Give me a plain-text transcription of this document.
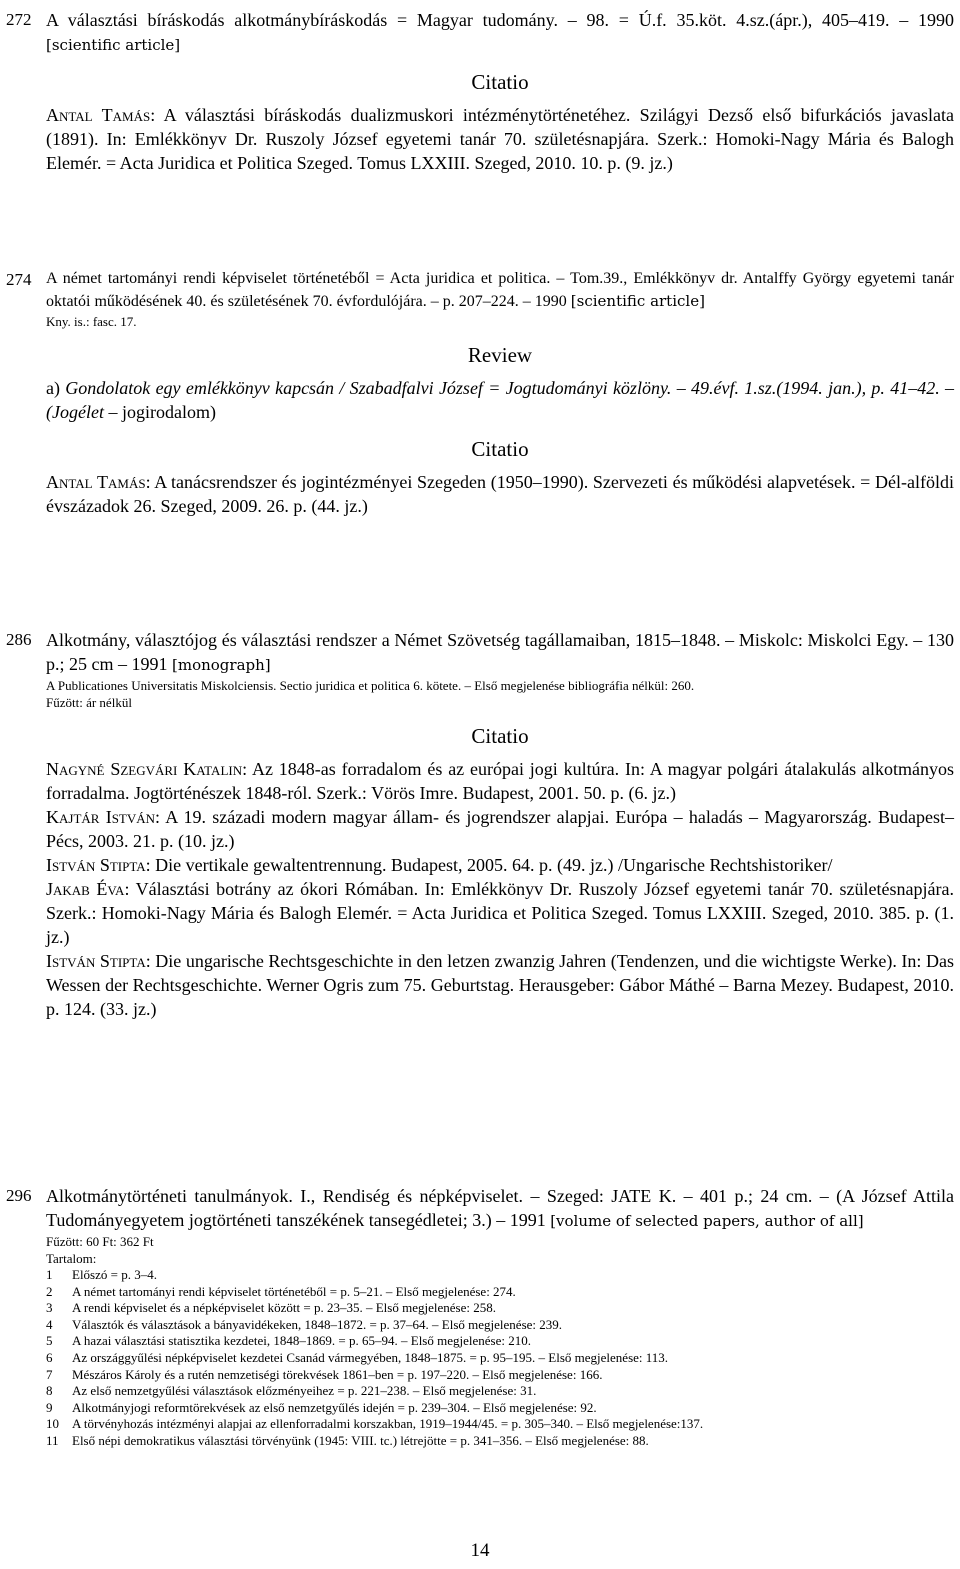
272 A választási bíráskodás alkotmánybíráskodás = Magyar tudomány. – 98. = Ú.f. 35.köt. 4.sz.(ápr.), 405–419. – 1990 [scientific article]

Citatio

Antal Tamás: A választási bíráskodás dualizmuskori intézménytörténetéhez. Szilágyi Dezső első bifurkációs javaslata (1891). In: Emlékkönyv Dr. Ruszoly József egyetemi tanár 70. születésnapjára. Szerk.: Homoki-Nagy Mária és Balogh Elemér. = Acta Juridica et Politica Szeged. Tomus LXXIII. Szeged, 2010. 10. p. (9. jz.)

274 A német tartományi rendi képviselet történetéből = Acta juridica et politica. – Tom.39., Emlékkönyv dr. Antalffy György egyetemi tanár oktatói működésének 40. és születésének 70. évfordulójára. – p. 207–224. – 1990 [scientific article]

Kny. is.: fasc. 17.

Review

a) Gondolatok egy emlékkönyv kapcsán / Szabadfalvi József = Jogtudományi közlöny. – 49.évf. 1.sz.(1994. jan.), p. 41–42. – (Jogélet – jogirodalom)

Citatio

Antal Tamás: A tanácsrendszer és jogintézményei Szegeden (1950–1990). Szervezeti és működési alapvetések. = Dél-alföldi évszázadok 26. Szeged, 2009. 26. p. (44. jz.)

286 Alkotmány, választójog és választási rendszer a Német Szövetség tagállamaiban, 1815–1848. – Miskolc: Miskolci Egy. – 130 p.; 25 cm – 1991 [monograph]

A Publicationes Universitatis Miskolciensis. Sectio juridica et politica 6. kötete. – Első megjelenése bibliográfia nélkül: 260.

Fűzött: ár nélkül

Citatio

Nagyné Szegvári Katalin: Az 1848-as forradalom és az európai jogi kultúra. In: A magyar polgári átalakulás alkotmányos forradalma. Jogtörténészek 1848-ról. Szerk.: Vörös Imre. Budapest, 2001. 50. p. (6. jz.)

Kajtár István: A 19. századi modern magyar állam- és jogrendszer alapjai. Európa – haladás – Magyarország. Budapest–Pécs, 2003. 21. p. (10. jz.)

István Stipta: Die vertikale gewaltentrennung. Budapest, 2005. 64. p. (49. jz.) /Ungarische Rechtshistoriker/

Jakab Éva: Választási botrány az ókori Rómában. In: Emlékkönyv Dr. Ruszoly József egyetemi tanár 70. születésnapjára. Szerk.: Homoki-Nagy Mária és Balogh Elemér. = Acta Juridica et Politica Szeged. Tomus LXXIII. Szeged, 2010. 385. p. (1. jz.)

István Stipta: Die ungarische Rechtsgeschichte in den letzen zwanzig Jahren (Tendenzen, und die wichtigste Werke). In: Das Wessen der Rechtsgeschichte. Werner Ogris zum 75. Geburtstag. Herausgeber: Gábor Máthé – Barna Mezey. Budapest, 2010. p. 124. (33. jz.)

296 Alkotmánytörténeti tanulmányok. I., Rendiség és népképviselet. – Szeged: JATE K. – 401 p.; 24 cm. – (A József Attila Tudományegyetem jogtörténeti tanszékének tansegédletei; 3.) – 1991 [volume of selected papers, author of all]

Fűzött: 60 Ft: 362 Ft

Tartalom:

1	Előszó = p. 3–4.
2	A német tartományi rendi képviselet történetéből = p. 5–21. – Első megjelenése: 274.
3	A rendi képviselet és a népképviselet között = p. 23–35. – Első megjelenése: 258.
4	Választók és választások a bányavidékeken, 1848–1872. = p. 37–64. – Első megjelenése: 239.
5	A hazai választási statisztika kezdetei, 1848–1869. = p. 65–94. – Első megjelenése: 210.
6	Az országgyűlési népképviselet kezdetei Csanád vármegyében, 1848–1875. = p. 95–195. – Első megjelenése: 113.
7	Mészáros Károly és a rutén nemzetiségi törekvések 1861–ben = p. 197–220. – Első megjelenése: 166.
8	Az első nemzetgyűlési választások előzményeihez = p. 221–238. – Első megjelenése: 31.
9	Alkotmányjogi reformtörekvések az első nemzetgyűlés idején = p. 239–304. – Első megjelenése: 92.
10	A törvényhozás intézményi alapjai az ellenforradalmi korszakban, 1919–1944/45. = p. 305–340. – Első megjelenése:137.
11	Első népi demokratikus választási törvényünk (1945: VIII. tc.) létrejötte = p. 341–356. – Első megjelenése: 88.
14
